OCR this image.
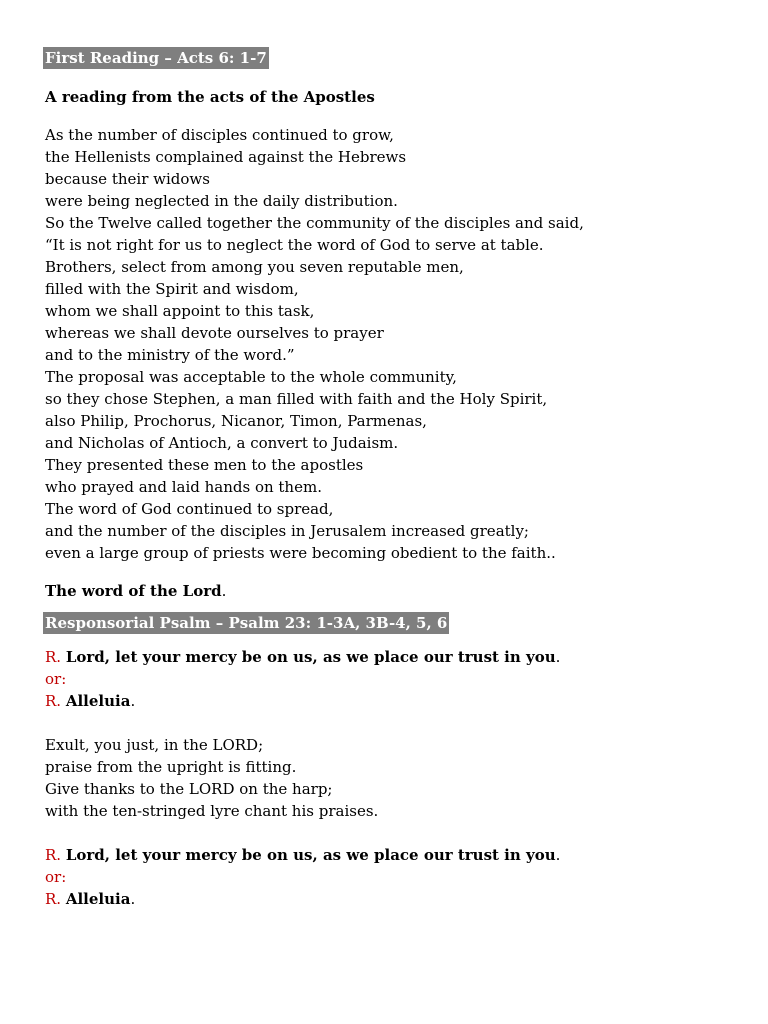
First Reading – Acts 6: 1-7
A reading from the acts of the Apostles
As the number of disciples continued to grow,
the Hellenists complained against the Hebrews
because their widows
were being neglected in the daily distribution.
So the Twelve called together the community of the disciples and said,
“It is not right for us to neglect the word of God to serve at table.
Brothers, select from among you seven reputable men,
filled with the Spirit and wisdom,
whom we shall appoint to this task,
whereas we shall devote ourselves to prayer
and to the ministry of the word.”
The proposal was acceptable to the whole community,
so they chose Stephen, a man filled with faith and the Holy Spirit,
also Philip, Prochorus, Nicanor, Timon, Parmenas,
and Nicholas of Antioch, a convert to Judaism.
They presented these men to the apostles
who prayed and laid hands on them.
The word of God continued to spread,
and the number of the disciples in Jerusalem increased greatly;
even a large group of priests were becoming obedient to the faith..
The word of the Lord.
Responsorial Psalm – Psalm 23: 1-3A, 3B-4, 5, 6
R. Lord, let your mercy be on us, as we place our trust in you.
or:
R. Alleluia.
Exult, you just, in the LORD;
praise from the upright is fitting.
Give thanks to the LORD on the harp;
with the ten-stringed lyre chant his praises.
R. Lord, let your mercy be on us, as we place our trust in you.
or:
R. Alleluia.
